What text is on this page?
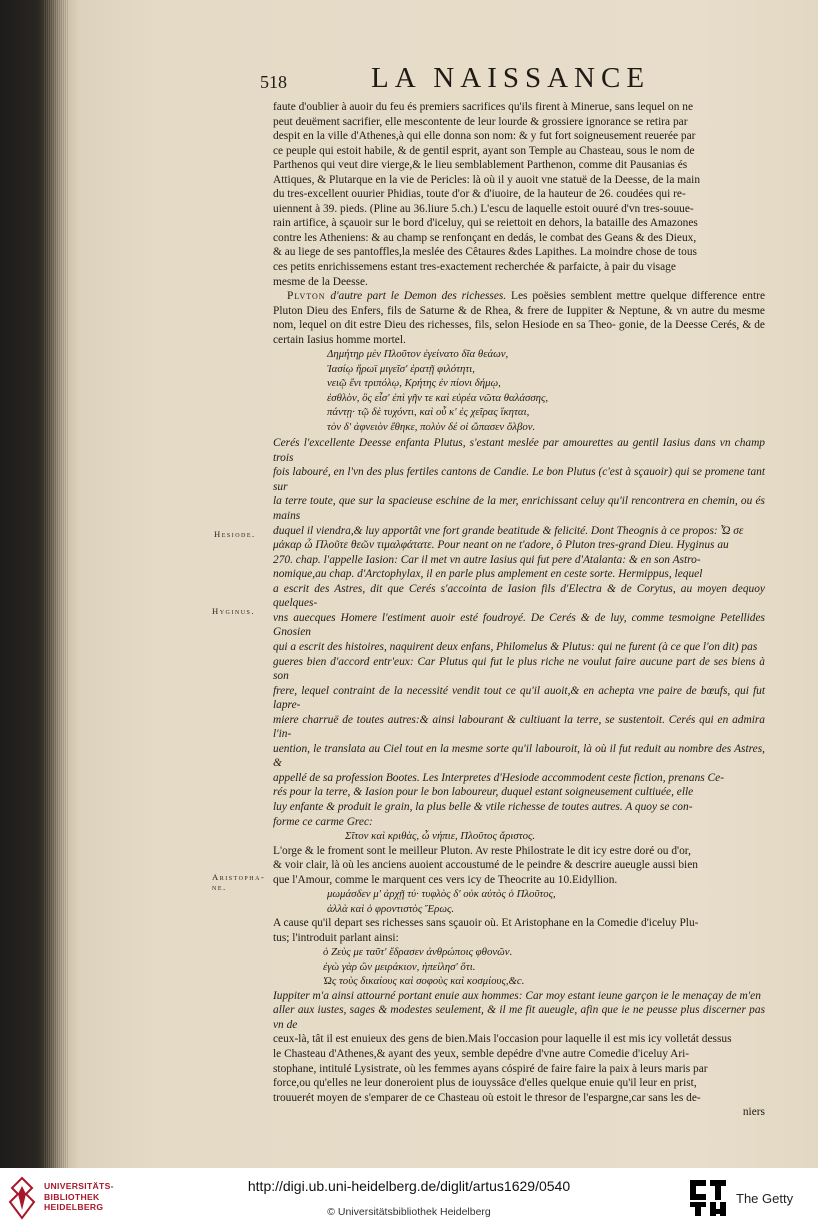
518	LA NAISSANCE

faute d'oublier à auoir du feu és premiers sacrifices qu'ils firent à Minerue, sans lequel on ne

peut deuëment sacrifier, elle mescontente de leur lourde & grossiere ignorance se retira par

despit en la ville d'Athenes,à qui elle donna son nom: & y fut fort soigneusement reuerée par

ce peuple qui estoit habile, & de gentil esprit, ayant son Temple au Chasteau, sous le nom de

Parthenos qui veut dire vierge,& le lieu semblablement Parthenon, comme dit Pausanias és

Attiques, & Plutarque en la vie de Pericles: là où il y auoit vne statuë de la Deesse, de la main

du tres-excellent ouurier Phidias, toute d'or & d'iuoire, de la hauteur de 26. coudées qui re-

uiennent à 39. pieds. (Pline au 36.liure 5.ch.) L'escu de laquelle estoit ouuré d'vn tres-souue-

rain artifice, à sçauoir sur le bord d'iceluy, qui se reiettoit en dehors, la bataille des Amazones

contre les Atheniens: & au champ se renfonçant en dedás, le combat des Geans & des Dieux,

& au liege de ses pantoffles,la meslée des Cêtaures &des Lapithes. La moindre chose de tous

ces petits enrichissemens estant tres-exactement recherchée & parfaicte, à pair du visage

mesme de la Deesse.

Plvton d'autre part le Demon des richesses. Les poësies semblent mettre quelque difference entre Pluton Dieu des Enfers, fils de Saturne & de Rhea, & frere de Iuppiter & Neptune, & vn autre du mesme nom, lequel on dit estre Dieu des richesses, fils, selon Hesiode en sa Theo- gonie, de la Deesse Cerés, & de certain Iasius homme mortel.

Δημήτηρ μὲν Πλοῦτον ἐγείνατο δῖα θεάων,

Ἰασίῳ ἥρωϊ μιγεῖσ' ἐρατῇ φιλότητι,

νειῷ ἔνι τριπόλῳ, Κρήτης ἐν πίονι δήμῳ,

ἐσθλὸν, ὃς εἶσ' ἐπὶ γῆν τε καὶ εὐρέα νῶτα θαλάσσης,

πάντῃ· τῷ δὲ τυχόντι, καὶ οὗ κ' ἐς χεῖρας ἵκηται,

τὸν δ' ἀφνειὸν ἔθηκε, πολὺν δέ οἱ ὤπασεν ὄλβον.

Cerés l'excellente Deesse enfanta Plutus, s'estant meslée par amourettes au gentil Iasius dans vn champ trois

fois labouré, en l'vn des plus fertiles cantons de Candie. Le bon Plutus (c'est à sçauoir) qui se promene tant sur

la terre toute, que sur la spacieuse eschine de la mer, enrichissant celuy qu'il rencontrera en chemin, ou és mains

duquel il viendra,& luy apportât vne fort grande beatitude & felicité. Dont Theognis à ce propos: Ὦ σε

μάκαρ ὦ Πλοῦτε θεῶν τιμαλφάτατε. Pour neant on ne t'adore, ô Pluton tres-grand Dieu. Hyginus au

270. chap. l'appelle Iasion: Car il met vn autre Iasius qui fut pere d'Atalanta: & en son Astro-

nomique,au chap. d'Arctophylax, il en parle plus amplement en ceste sorte. Hermippus, lequel

a escrit des Astres, dit que Cerés s'accointa de Iasion fils d'Electra & de Corytus, au moyen dequoy quelques-

vns auecques Homere l'estiment auoir esté foudroyé. De Cerés & de luy, comme tesmoigne Petellides Gnosien

qui a escrit des histoires, naquirent deux enfans, Philomelus & Plutus: qui ne furent (à ce que l'on dit) pas

gueres bien d'accord entr'eux: Car Plutus qui fut le plus riche ne voulut faire aucune part de ses biens à son

frere, lequel contraint de la necessité vendit tout ce qu'il auoit,& en achepta vne paire de bœufs, qui fut lapre-

miere charruë de toutes autres:& ainsi labourant & cultiuant la terre, se sustentoit. Cerés qui en admira l'in-

uention, le translata au Ciel tout en la mesme sorte qu'il labouroit, là où il fut reduit au nombre des Astres, &

appellé de sa profession Bootes. Les Interpretes d'Hesiode accommodent ceste fiction, prenans Ce-

rés pour la terre, & Iasion pour le bon laboureur, duquel estant soigneusement cultiuée, elle

luy enfante & produit le grain, la plus belle & vtile richesse de toutes autres. A quoy se con-

forme ce carme Grec:

Σῖτον καὶ κριθὰς, ὦ νήπιε, Πλοῦτος ἄριστος.

L'orge & le froment sont le meilleur Pluton. Av reste Philostrate le dit icy estre doré ou d'or,

& voir clair, là où les anciens auoient accoustumé de le peindre & descrire aueugle aussi bien

que l'Amour, comme le marquent ces vers icy de Theocrite au 10.Eidyllion.

μωμάσδεν μ' ἀρχῇ τύ· τυφλὸς δ' οὐκ αὐτὸς ὁ Πλοῦτος,

ἀλλὰ καὶ ὁ φροντιστὸς Ἔρως.

A cause qu'il depart ses richesses sans sçauoir où. Et Aristophane en la Comedie d'iceluy Plu-

tus; l'introduit parlant ainsi:

ὁ Ζεὺς με ταῦτ' ἔδρασεν ἀνθρώποις φθονῶν.

ἐγὼ γὰρ ὢν μειράκιον, ἠπείλησ' ὅτι.

Ὡς τοὺς δικαίους καὶ σοφοὺς καὶ κοσμίους,&c.

Iuppiter m'a ainsi attourné portant enuie aux hommes: Car moy estant ieune garçon ie le menaçay de m'en

aller aux iustes, sages & modestes seulement, & il me fit aueugle, afin que ie ne peusse plus discerner pas vn de

ceux-là, tât il est enuieux des gens de bien.Mais l'occasion pour laquelle il est mis icy volletát dessus

le Chasteau d'Athenes,& ayant des yeux, semble depédre d'vne autre Comedie d'iceluy Ari-

stophane, intitulé Lysistrate, où les femmes ayans cóspiré de faire faire la paix à leurs maris par

force,ou qu'elles ne leur doneroient plus de iouyssâce d'elles quelque enuie qu'il leur en prist,

trouuerét moyen de s'emparer de ce Chasteau où estoit le thresor de l'espargne,car sans les de-

niers

Hesiode.
Hyginus.
Aristopha-
ne.
UNIVERSITÄTS-
BIBLIOTHEK
HEIDELBERG
http://digi.ub.uni-heidelberg.de/diglit/artus1629/0540
© Universitätsbibliothek Heidelberg
The Getty
